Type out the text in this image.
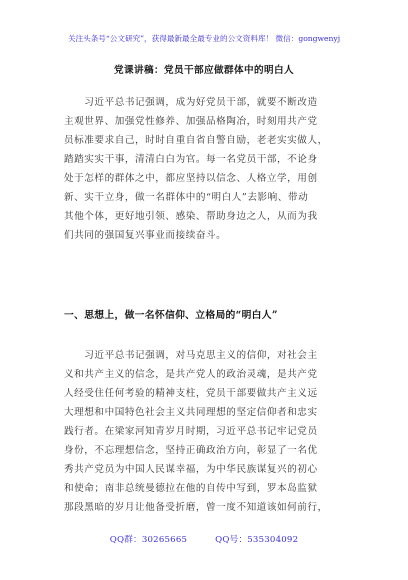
关注头条号“公文研究”，获得最新最全最专业的公文资料库！ 微信：gongwenyj
党课讲稿：党员干部应做群体中的明白人
　　习近平总书记强调，成为好党员干部，就要不断改造
主观世界、加强党性修养、加强品格陶冶，时刻用共产党
员标准要求自己，时时自重自省自警自励，老老实实做人，
踏踏实实干事，清清白白为官。每一名党员干部，不论身
处于怎样的群体之中，都应坚持以信念、人格立学，用创
新、实干立身，做一名群体中的“明白人”去影响、带动
其他个体，更好地引领、感染、帮助身边之人，从而为我
们共同的强国复兴事业而接续奋斗。
一、思想上，做一名怀信仰、立格局的“明白人”
　　习近平总书记强调，对马克思主义的信仰，对社会主
义和共产主义的信念，是共产党人的政治灵魂，是共产党
人经受住任何考验的精神支柱，党员干部要做共产主义远
大理想和中国特色社会主义共同理想的坚定信仰者和忠实
践行者。在梁家河知青岁月时期，习近平总书记牢记党员
身份，不忘理想信念，坚持正确政治方向，彰显了一名优
秀共产党员为中国人民谋幸福，为中华民族谋复兴的初心
和使命；南非总统曼德拉在他的自传中写到，罗本岛监狱
那段黑暗的岁月让他备受折磨，曾一度不知道该如何前行，
QQ群：30265665	QQ号：535304092
